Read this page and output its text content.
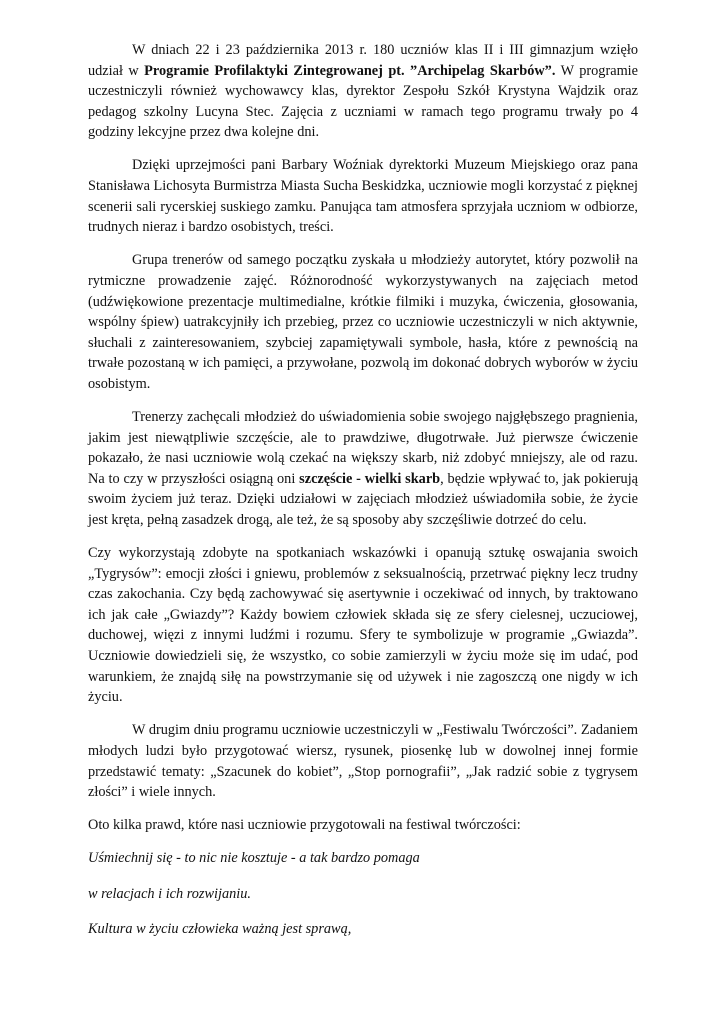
W dniach 22 i 23 października 2013 r. 180 uczniów klas II i III gimnazjum wzięło udział w Programie Profilaktyki Zintegrowanej pt. ”Archipelag Skarbów”. W programie uczestniczyli również wychowawcy klas, dyrektor Zespołu Szkół Krystyna Wajdzik oraz pedagog szkolny Lucyna Stec. Zajęcia z uczniami w ramach tego programu trwały po 4 godziny lekcyjne przez dwa kolejne dni.

Dzięki uprzejmości pani Barbary Woźniak dyrektorki Muzeum Miejskiego oraz pana Stanisława Lichosyta Burmistrza Miasta Sucha Beskidzka, uczniowie mogli korzystać z pięknej scenerii sali rycerskiej suskiego zamku. Panująca tam atmosfera sprzyjała uczniom w odbiorze, trudnych nieraz i bardzo osobistych, treści.

Grupa trenerów od samego początku zyskała u młodzieży autorytet, który pozwolił na rytmiczne prowadzenie zajęć. Różnorodność wykorzystywanych na zajęciach metod (udźwiękowione prezentacje multimedialne, krótkie filmiki i muzyka, ćwiczenia, głosowania, wspólny śpiew) uatrakcyjniły ich przebieg, przez co uczniowie uczestniczyli w nich aktywnie, słuchali z zainteresowaniem, szybciej zapamiętywali symbole, hasła, które z pewnością na trwałe pozostaną w ich pamięci, a przywołane, pozwolą im dokonać dobrych wyborów w życiu osobistym.

Trenerzy zachęcali młodzież do uświadomienia sobie swojego najgłębszego pragnienia, jakim jest niewątpliwie szczęście, ale to prawdziwe, długotrwałe. Już pierwsze ćwiczenie pokazało, że nasi uczniowie wolą czekać na większy skarb, niż zdobyć mniejszy, ale od razu. Na to czy w przyszłości osiągną oni szczęście - wielki skarb, będzie wpływać to, jak pokierują swoim życiem już teraz. Dzięki udziałowi w zajęciach młodzież uświadomiła sobie, że życie jest kręta, pełną zasadzek drogą, ale też, że są sposoby aby szczęśliwie dotrzeć do celu.

Czy wykorzystają zdobyte na spotkaniach wskazówki i opanują sztukę oswajania swoich „Tygrysów”: emocji złości i gniewu, problemów z seksualnością, przetrwać piękny lecz trudny czas zakochania. Czy będą zachowywać się asertywnie i oczekiwać od innych, by traktowano ich jak całe „Gwiazdy”? Każdy bowiem człowiek składa się ze sfery cielesnej, uczuciowej, duchowej, więzi z innymi ludźmi i rozumu. Sfery te symbolizuje w programie „Gwiazda”. Uczniowie dowiedzieli się, że wszystko, co sobie zamierzyli w życiu może się im udać, pod warunkiem, że znajdą siłę na powstrzymanie się od używek i nie zagoszczą one nigdy w ich życiu.

W drugim dniu programu uczniowie uczestniczyli w „Festiwalu Twórczości”. Zadaniem młodych ludzi było przygotować wiersz, rysunek, piosenkę lub w dowolnej innej formie przedstawić tematy: „Szacunek do kobiet”, „Stop pornografii”, „Jak radzić sobie z tygrysem złości” i wiele innych.

Oto kilka prawd, które nasi uczniowie przygotowali na festiwal twórczości:

Uśmiechnij się - to nic nie kosztuje - a tak bardzo pomaga

w relacjach i ich rozwijaniu.

Kultura w życiu człowieka ważną jest sprawą,
